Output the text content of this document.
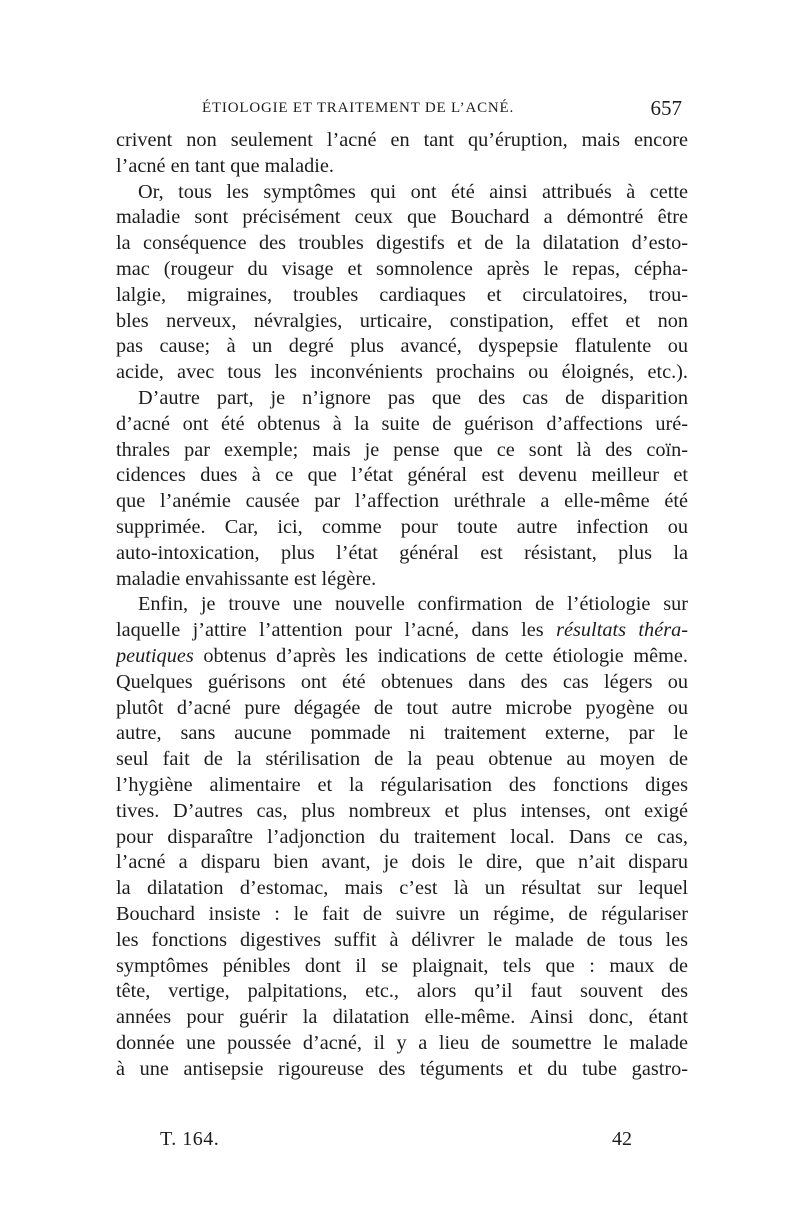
ÉTIOLOGIE ET TRAITEMENT DE L’ACNÉ.	657
crivent non seulement l’acné en tant qu’éruption, mais encore
l’acné en tant que maladie.
Or, tous les symptômes qui ont été ainsi attribués à cette
maladie sont précisément ceux que Bouchard a démontré être
la conséquence des troubles digestifs et de la dilatation d’esto-
mac (rougeur du visage et somnolence après le repas, cépha-
lalgie, migraines, troubles cardiaques et circulatoires, trou-
bles nerveux, névralgies, urticaire, constipation, effet et non
pas cause; à un degré plus avancé, dyspepsie flatulente ou
acide, avec tous les inconvénients prochains ou éloignés, etc.).
D’autre part, je n’ignore pas que des cas de disparition
d’acné ont été obtenus à la suite de guérison d’affections uré-
thrales par exemple; mais je pense que ce sont là des coïn-
cidences dues à ce que l’état général est devenu meilleur et
que l’anémie causée par l’affection uréthrale a elle-même été
supprimée. Car, ici, comme pour toute autre infection ou
auto-intoxication, plus l’état général est résistant, plus la
maladie envahissante est légère.
Enfin, je trouve une nouvelle confirmation de l’étiologie sur
laquelle j’attire l’attention pour l’acné, dans les résultats théra-
peutiques obtenus d’après les indications de cette étiologie même.
Quelques guérisons ont été obtenues dans des cas légers ou
plutôt d’acné pure dégagée de tout autre microbe pyogène ou
autre, sans aucune pommade ni traitement externe, par le
seul fait de la stérilisation de la peau obtenue au moyen de
l’hygiène alimentaire et la régularisation des fonctions diges
tives. D’autres cas, plus nombreux et plus intenses, ont exigé
pour disparaître l’adjonction du traitement local. Dans ce cas,
l’acné a disparu bien avant, je dois le dire, que n’ait disparu
la dilatation d’estomac, mais c’est là un résultat sur lequel
Bouchard insiste : le fait de suivre un régime, de régulariser
les fonctions digestives suffit à délivrer le malade de tous les
symptômes pénibles dont il se plaignait, tels que : maux de
tête, vertige, palpitations, etc., alors qu’il faut souvent des
années pour guérir la dilatation elle-même. Ainsi donc, étant
donnée une poussée d’acné, il y a lieu de soumettre le malade
à une antisepsie rigoureuse des téguments et du tube gastro-
T. 164.	42
